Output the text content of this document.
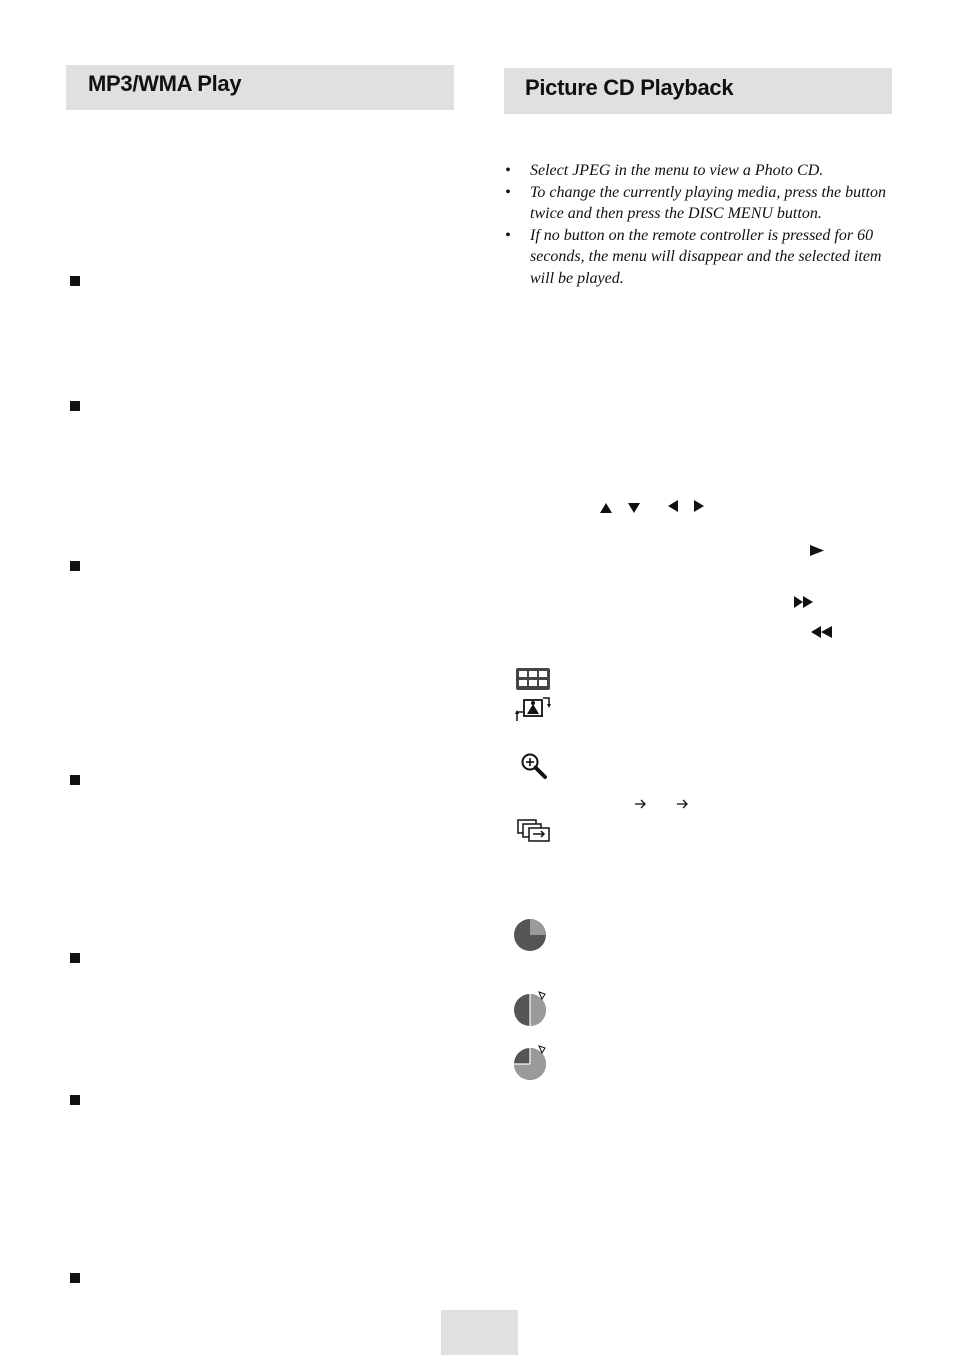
MP3/WMA Play	Picture CD Playback
• Select JPEG in the menu to view a Photo CD.
• To change the currently playing media, press the button twice and then press the DISC MENU button.
• If no button on the remote controller is pressed for 60 seconds, the menu will disappear and the selected item will be played.
